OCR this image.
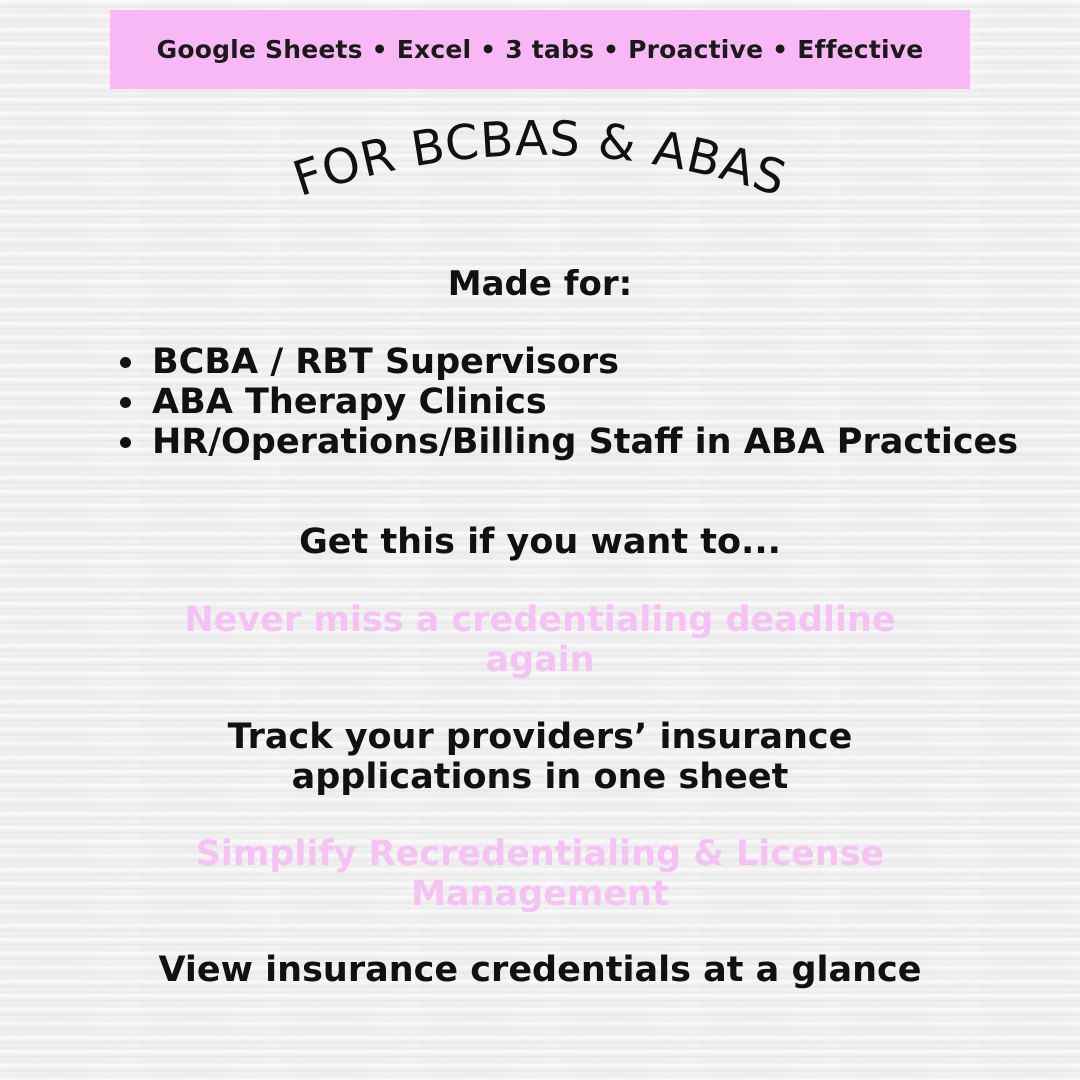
Google Sheets • Excel • 3 tabs • Proactive • Effective
FOR BCBAS & ABAS
Made for:
BCBA / RBT Supervisors
ABA Therapy Clinics
HR/Operations/Billing Staff in ABA Practices
Get this if you want to...
Never miss a credentialing deadline
again
Track your providers’ insurance
applications in one sheet
Simplify Recredentialing & License
Management
View insurance credentials at a glance
